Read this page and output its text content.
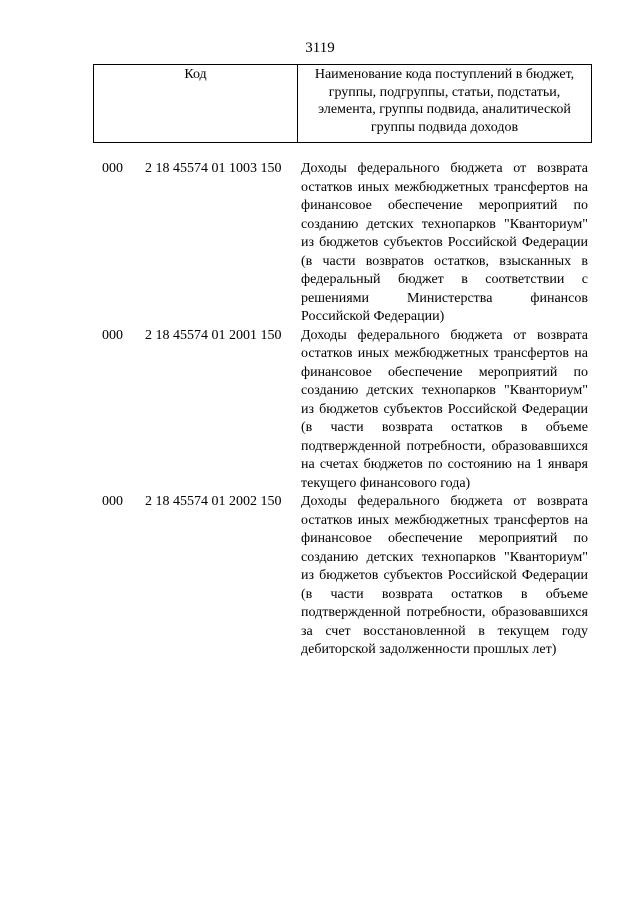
3119
Код	Наименование кода поступлений в бюджет, группы, подгруппы, статьи, подстатьи, элемента, группы подвида, аналитической группы подвида доходов
000 2 18 45574 01 1003 150 Доходы федерального бюджета от возврата остатков иных межбюджетных трансфертов на финансовое обеспечение мероприятий по созданию детских технопарков "Кванториум" из бюджетов субъектов Российской Федерации (в части возвратов остатков, взысканных в федеральный бюджет в соответствии с решениями Министерства финансов Российской Федерации)
000 2 18 45574 01 2001 150 Доходы федерального бюджета от возврата остатков иных межбюджетных трансфертов на финансовое обеспечение мероприятий по созданию детских технопарков "Кванториум" из бюджетов субъектов Российской Федерации (в части возврата остатков в объеме подтвержденной потребности, образовавшихся на счетах бюджетов по состоянию на 1 января текущего финансового года)
000 2 18 45574 01 2002 150 Доходы федерального бюджета от возврата остатков иных межбюджетных трансфертов на финансовое обеспечение мероприятий по созданию детских технопарков "Кванториум" из бюджетов субъектов Российской Федерации (в части возврата остатков в объеме подтвержденной потребности, образовавшихся за счет восстановленной в текущем году дебиторской задолженности прошлых лет)
